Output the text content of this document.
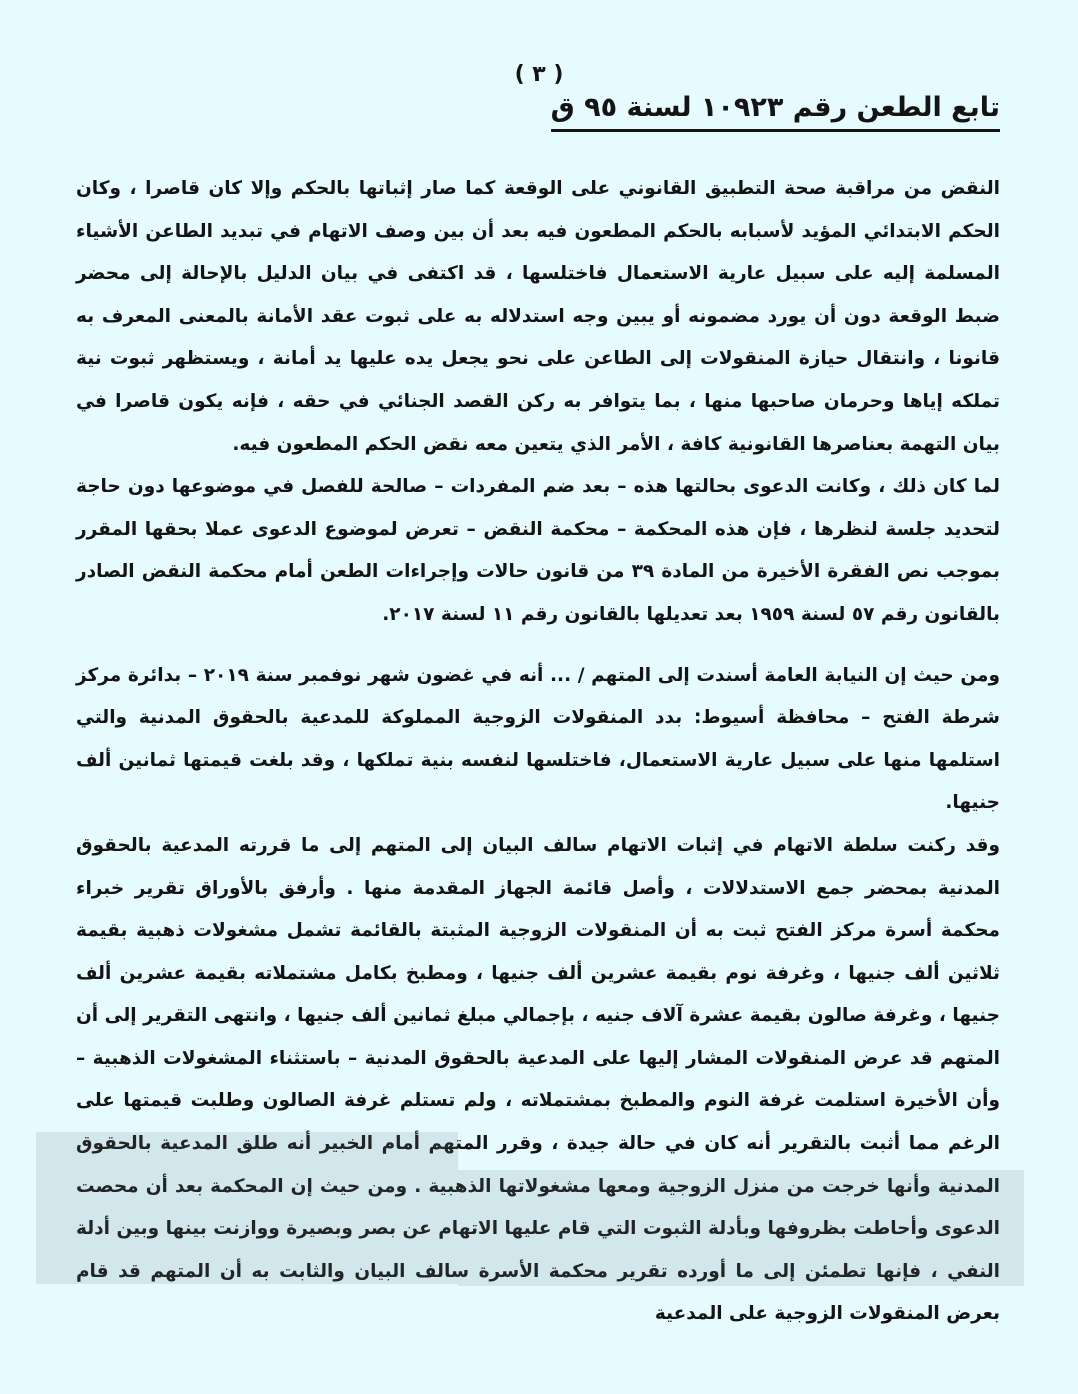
( ٣ )
تابع الطعن رقم ١٠٩٢٣ لسنة ٩٥ ق

النقض من مراقبة صحة التطبيق القانوني على الوقعة كما صار إثباتها بالحكم وإلا كان قاصرا ، وكان الحكم الابتدائي المؤيد لأسبابه بالحكم المطعون فيه بعد أن بين وصف الاتهام في تبديد الطاعن الأشياء المسلمة إليه على سبيل عارية الاستعمال فاختلسها ، قد اكتفى في بيان الدليل بالإحالة إلى محضر ضبط الوقعة دون أن يورد مضمونه أو يبين وجه استدلاله به على ثبوت عقد الأمانة بالمعنى المعرف به قانونا ، وانتقال حيازة المنقولات إلى الطاعن على نحو يجعل يده عليها يد أمانة ، ويستظهر ثبوت نية تملكه إياها وحرمان صاحبها منها ، بما يتوافر به ركن القصد الجنائي في حقه ، فإنه يكون قاصرا في بيان التهمة بعناصرها القانونية كافة ، الأمر الذي يتعين معه نقض الحكم المطعون فيه.

لما كان ذلك ، وكانت الدعوى بحالتها هذه – بعد ضم المفردات – صالحة للفصل في موضوعها دون حاجة لتحديد جلسة لنظرها ، فإن هذه المحكمة – محكمة النقض – تعرض لموضوع الدعوى عملا بحقها المقرر بموجب نص الفقرة الأخيرة من المادة ٣٩ من قانون حالات وإجراءات الطعن أمام محكمة النقض الصادر بالقانون رقم ٥٧ لسنة ١٩٥٩ بعد تعديلها بالقانون رقم ١١ لسنة ٢٠١٧.

ومن حيث إن النيابة العامة أسندت إلى المتهم / ... أنه في غضون شهر نوفمبر سنة ٢٠١٩ – بدائرة مركز شرطة الفتح – محافظة أسيوط: بدد المنقولات الزوجية المملوكة للمدعية بالحقوق المدنية والتي استلمها منها على سبيل عارية الاستعمال، فاختلسها لنفسه بنية تملكها ، وقد بلغت قيمتها ثمانين ألف جنيها.

وقد ركنت سلطة الاتهام في إثبات الاتهام سالف البيان إلى المتهم إلى ما قررته المدعية بالحقوق المدنية بمحضر جمع الاستدلالات ، وأصل قائمة الجهاز المقدمة منها . وأرفق بالأوراق تقرير خبراء محكمة أسرة مركز الفتح ثبت به أن المنقولات الزوجية المثبتة بالقائمة تشمل مشغولات ذهبية بقيمة ثلاثين ألف جنيها ، وغرفة نوم بقيمة عشرين ألف جنيها ، ومطبخ بكامل مشتملاته بقيمة عشرين ألف جنيها ، وغرفة صالون بقيمة عشرة آلاف جنيه ، بإجمالي مبلغ ثمانين ألف جنيها ، وانتهى التقرير إلى أن المتهم قد عرض المنقولات المشار إليها على المدعية بالحقوق المدنية – باستثناء المشغولات الذهبية – وأن الأخيرة استلمت غرفة النوم والمطبخ بمشتملاته ، ولم تستلم غرفة الصالون وطلبت قيمتها على الرغم مما أثبت بالتقرير أنه كان في حالة جيدة ، وقرر المتهم أمام الخبير أنه طلق المدعية بالحقوق المدنية وأنها خرجت من منزل الزوجية ومعها مشغولاتها الذهبية . ومن حيث إن المحكمة بعد أن محصت الدعوى وأحاطت بظروفها وبأدلة الثبوت التي قام عليها الاتهام عن بصر وبصيرة ووازنت بينها وبين أدلة النفي ، فإنها تطمئن إلى ما أورده تقرير محكمة الأسرة سالف البيان والثابت به أن المتهم قد قام بعرض المنقولات الزوجية على المدعية
